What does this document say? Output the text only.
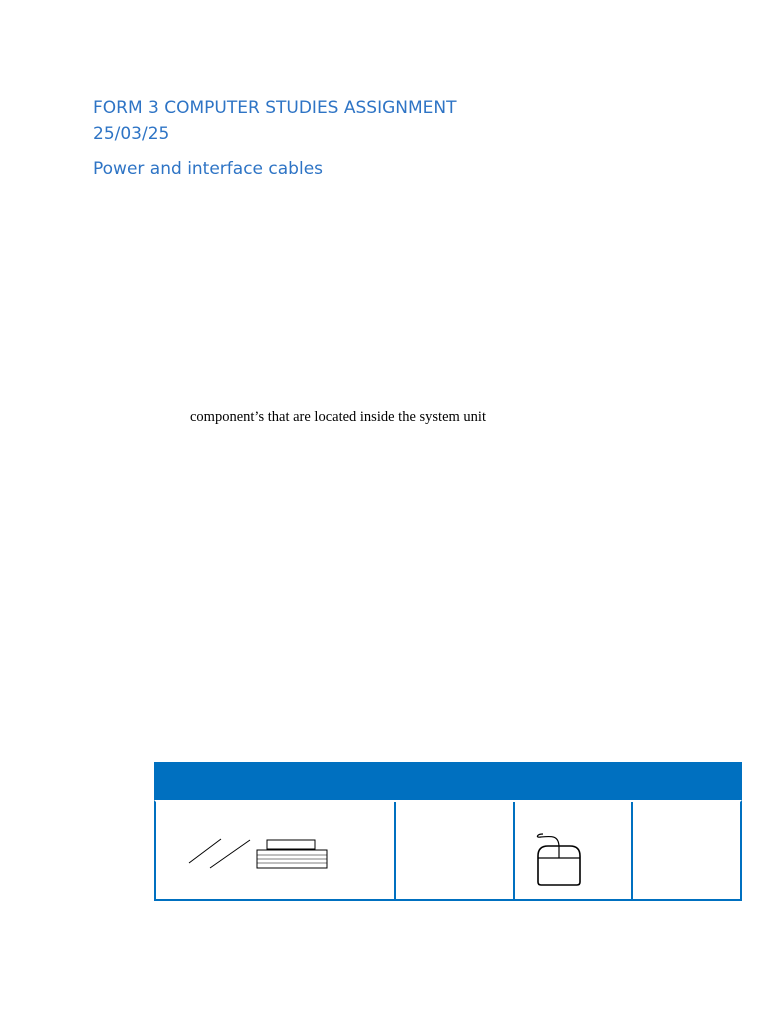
FORM 3 COMPUTER STUDIES ASSIGNMENT
25/03/25
Power and interface cables
component’s that are located inside the system unit
